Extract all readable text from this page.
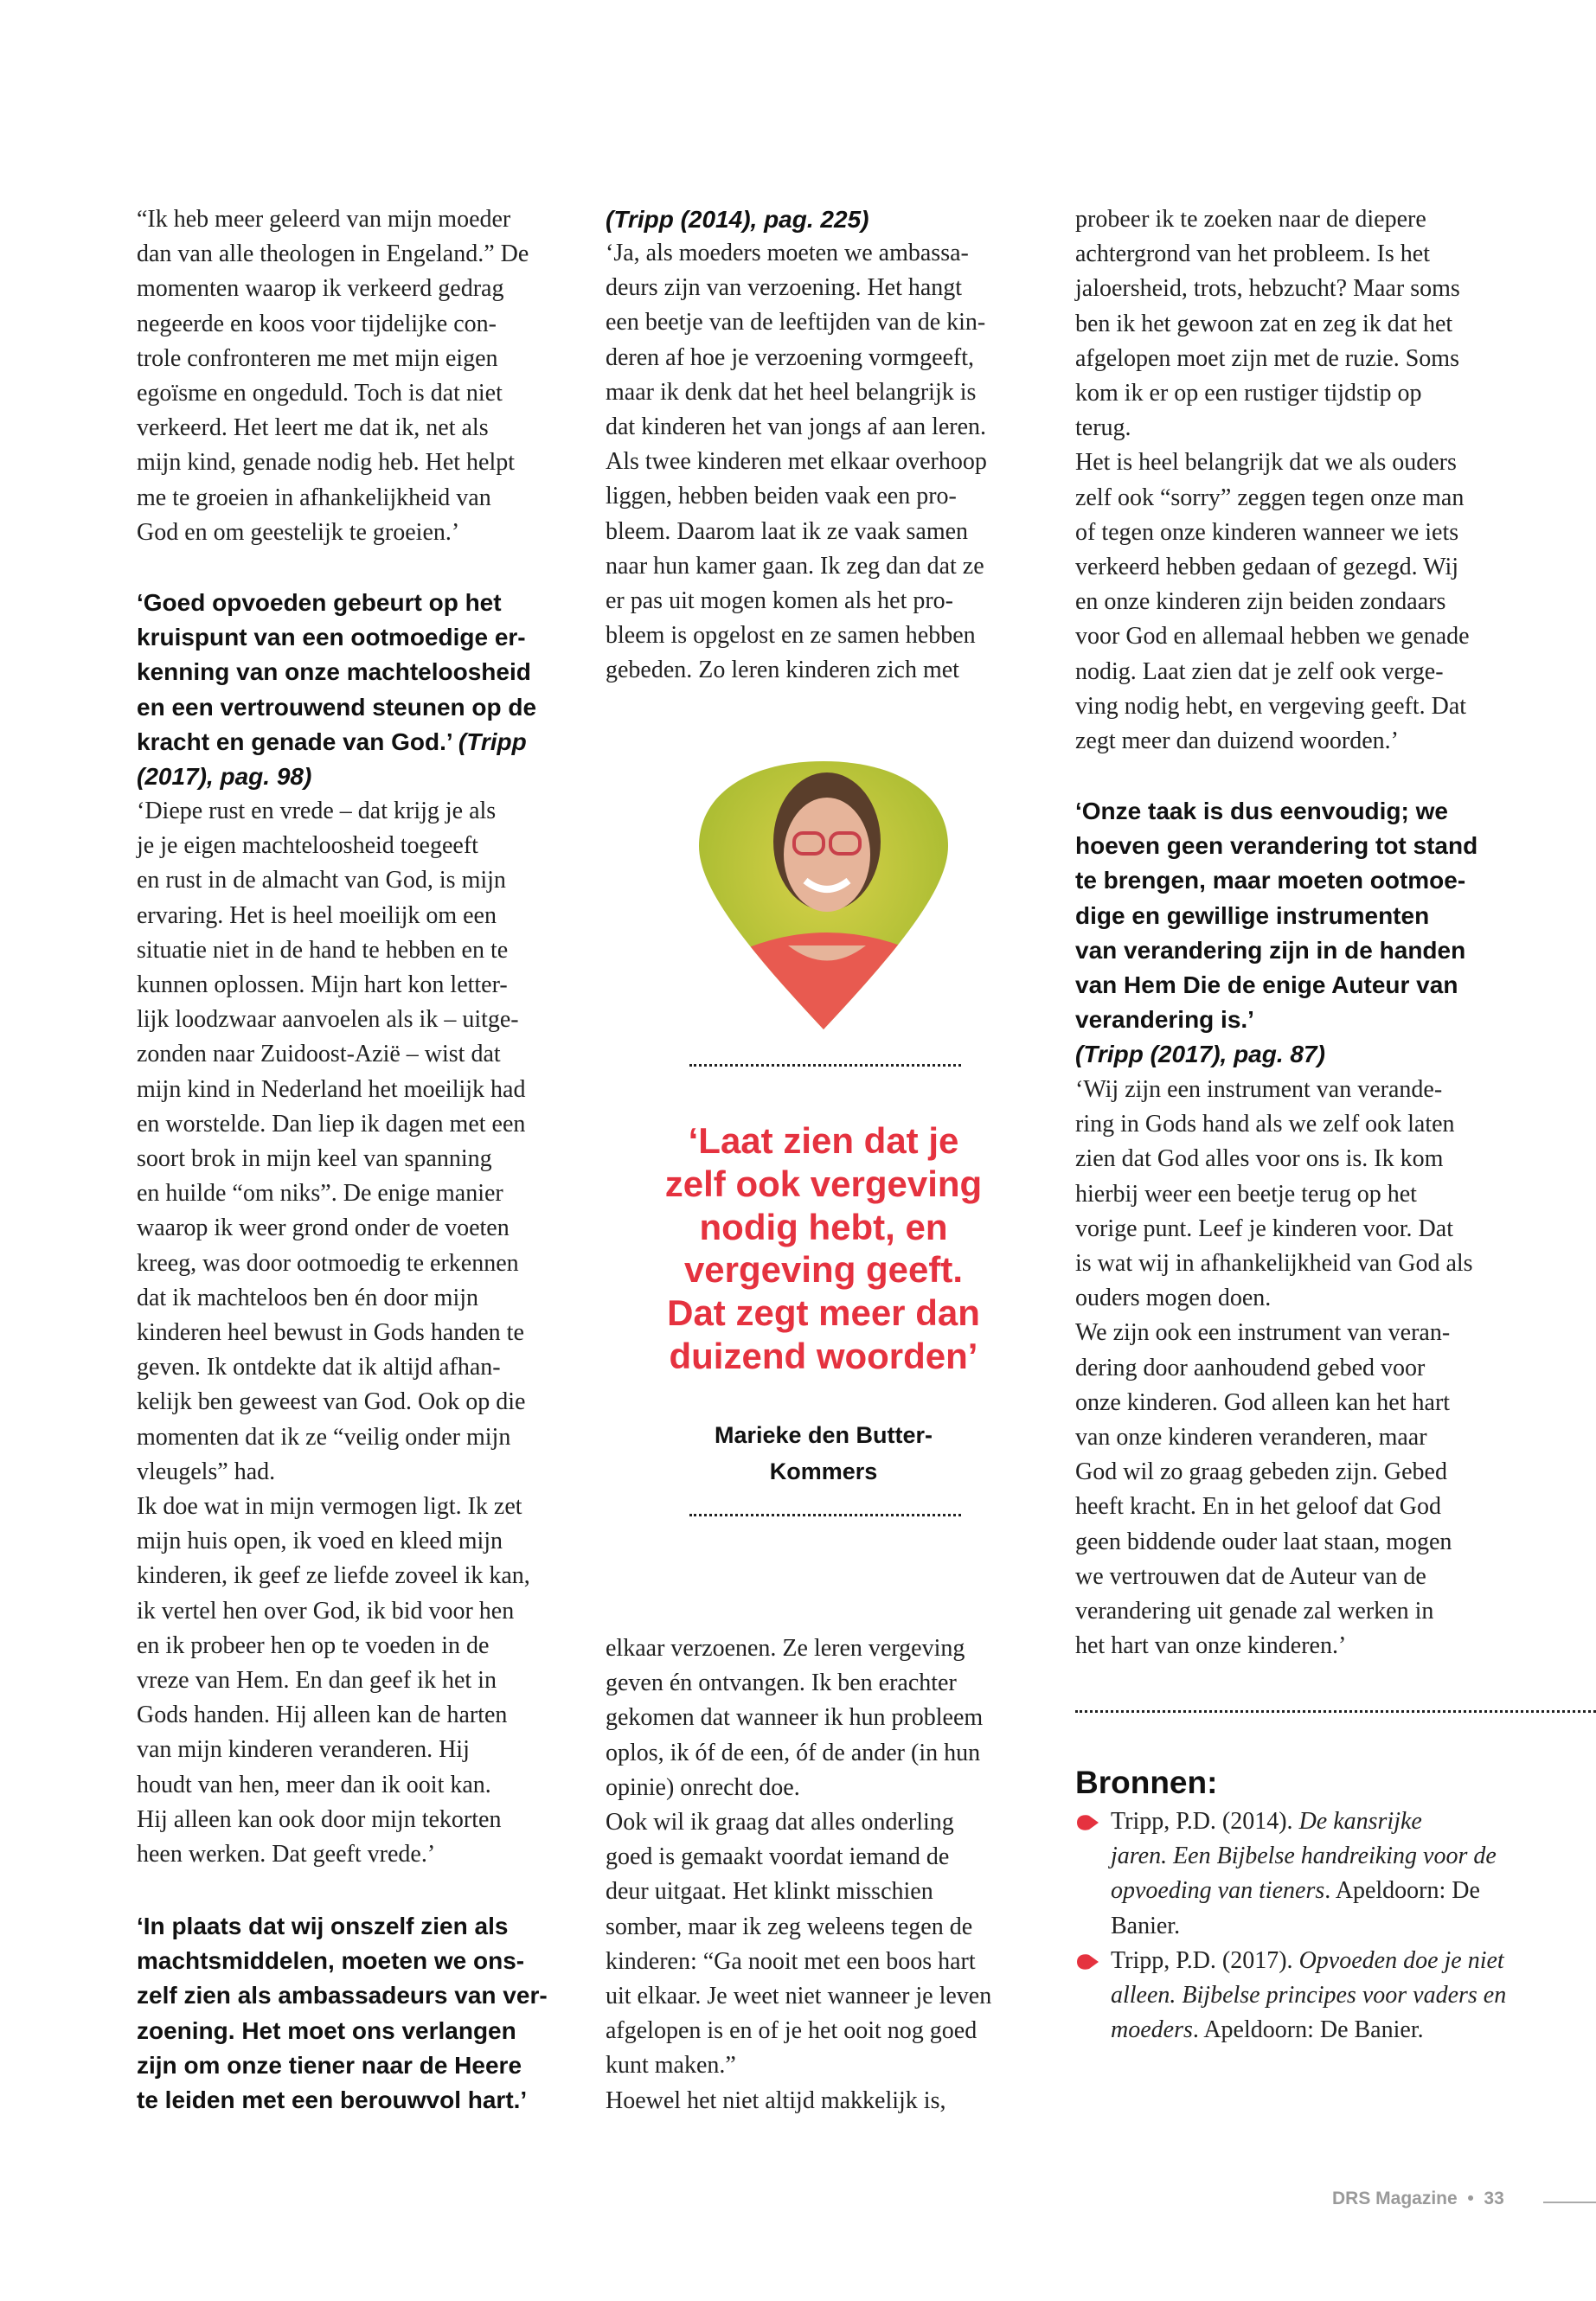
“Ik heb meer geleerd van mijn moeder
dan van alle theologen in Engeland.” De
momenten waarop ik verkeerd gedrag
negeerde en koos voor tijdelijke con-
trole confronteren me met mijn eigen
egoïsme en ongeduld. Toch is dat niet
verkeerd. Het leert me dat ik, net als
mijn kind, genade nodig heb. Het helpt
me te groeien in afhankelijkheid van
God en om geestelijk te groeien.’
‘Goed opvoeden gebeurt op het
kruispunt van een ootmoedige er-
kenning van onze machteloosheid
en een vertrouwend steunen op de
kracht en genade van God.’ (Tripp
(2017), pag. 98)
‘Diepe rust en vrede – dat krijg je als
je je eigen machteloosheid toegeeft
en rust in de almacht van God, is mijn
ervaring. Het is heel moeilijk om een
situatie niet in de hand te hebben en te
kunnen oplossen. Mijn hart kon letter-
lijk loodzwaar aanvoelen als ik – uitge-
zonden naar Zuidoost-Azië – wist dat
mijn kind in Nederland het moeilijk had
en worstelde. Dan liep ik dagen met een
soort brok in mijn keel van spanning
en huilde “om niks”. De enige manier
waarop ik weer grond onder de voeten
kreeg, was door ootmoedig te erkennen
dat ik machteloos ben én door mijn
kinderen heel bewust in Gods handen te
geven. Ik ontdekte dat ik altijd afhan-
kelijk ben geweest van God. Ook op die
momenten dat ik ze “veilig onder mijn
vleugels” had.
Ik doe wat in mijn vermogen ligt. Ik zet
mijn huis open, ik voed en kleed mijn
kinderen, ik geef ze liefde zoveel ik kan,
ik vertel hen over God, ik bid voor hen
en ik probeer hen op te voeden in de
vreze van Hem. En dan geef ik het in
Gods handen. Hij alleen kan de harten
van mijn kinderen veranderen. Hij
houdt van hen, meer dan ik ooit kan.
Hij alleen kan ook door mijn tekorten
heen werken. Dat geeft vrede.’
‘In plaats dat wij onszelf zien als
machtsmiddelen, moeten we ons-
zelf zien als ambassadeurs van ver-
zoening. Het moet ons verlangen
zijn om onze tiener naar de Heere
te leiden met een berouwvol hart.’
(Tripp (2014), pag. 225)
‘Ja, als moeders moeten we ambassa-
deurs zijn van verzoening. Het hangt
een beetje van de leeftijden van de kin-
deren af hoe je verzoening vormgeeft,
maar ik denk dat het heel belangrijk is
dat kinderen het van jongs af aan leren.
Als twee kinderen met elkaar overhoop
liggen, hebben beiden vaak een pro-
bleem. Daarom laat ik ze vaak samen
naar hun kamer gaan. Ik zeg dan dat ze
er pas uit mogen komen als het pro-
bleem is opgelost en ze samen hebben
gebeden. Zo leren kinderen zich met
‘Laat zien dat je
zelf ook vergeving
nodig hebt, en
vergeving geeft.
Dat zegt meer dan
duizend woorden’
Marieke den Butter-
Kommers
elkaar verzoenen. Ze leren vergeving
geven én ontvangen. Ik ben erachter
gekomen dat wanneer ik hun probleem
oplos, ik óf de een, óf de ander (in hun
opinie) onrecht doe.
Ook wil ik graag dat alles onderling
goed is gemaakt voordat iemand de
deur uitgaat. Het klinkt misschien
somber, maar ik zeg weleens tegen de
kinderen: “Ga nooit met een boos hart
uit elkaar. Je weet niet wanneer je leven
afgelopen is en of je het ooit nog goed
kunt maken.”
Hoewel het niet altijd makkelijk is,
probeer ik te zoeken naar de diepere
achtergrond van het probleem. Is het
jaloersheid, trots, hebzucht? Maar soms
ben ik het gewoon zat en zeg ik dat het
afgelopen moet zijn met de ruzie. Soms
kom ik er op een rustiger tijdstip op
terug.
Het is heel belangrijk dat we als ouders
zelf ook “sorry” zeggen tegen onze man
of tegen onze kinderen wanneer we iets
verkeerd hebben gedaan of gezegd. Wij
en onze kinderen zijn beiden zondaars
voor God en allemaal hebben we genade
nodig. Laat zien dat je zelf ook verge-
ving nodig hebt, en vergeving geeft. Dat
zegt meer dan duizend woorden.’
‘Onze taak is dus eenvoudig; we
hoeven geen verandering tot stand
te brengen, maar moeten ootmoe-
dige en gewillige instrumenten
van verandering zijn in de handen
van Hem Die de enige Auteur van
verandering is.’
(Tripp (2017), pag. 87)
‘Wij zijn een instrument van verande-
ring in Gods hand als we zelf ook laten
zien dat God alles voor ons is. Ik kom
hierbij weer een beetje terug op het
vorige punt. Leef je kinderen voor. Dat
is wat wij in afhankelijkheid van God als
ouders mogen doen.
We zijn ook een instrument van veran-
dering door aanhoudend gebed voor
onze kinderen. God alleen kan het hart
van onze kinderen veranderen, maar
God wil zo graag gebeden zijn. Gebed
heeft kracht. En in het geloof dat God
geen biddende ouder laat staan, mogen
we vertrouwen dat de Auteur van de
verandering uit genade zal werken in
het hart van onze kinderen.’
Bronnen:
Tripp, P.D. (2014). De kansrijke
jaren. Een Bijbelse handreiking voor de
opvoeding van tieners. Apeldoorn: De
Banier.
Tripp, P.D. (2017). Opvoeden doe je niet
alleen. Bijbelse principes voor vaders en
moeders. Apeldoorn: De Banier.
DRS Magazine • 33
